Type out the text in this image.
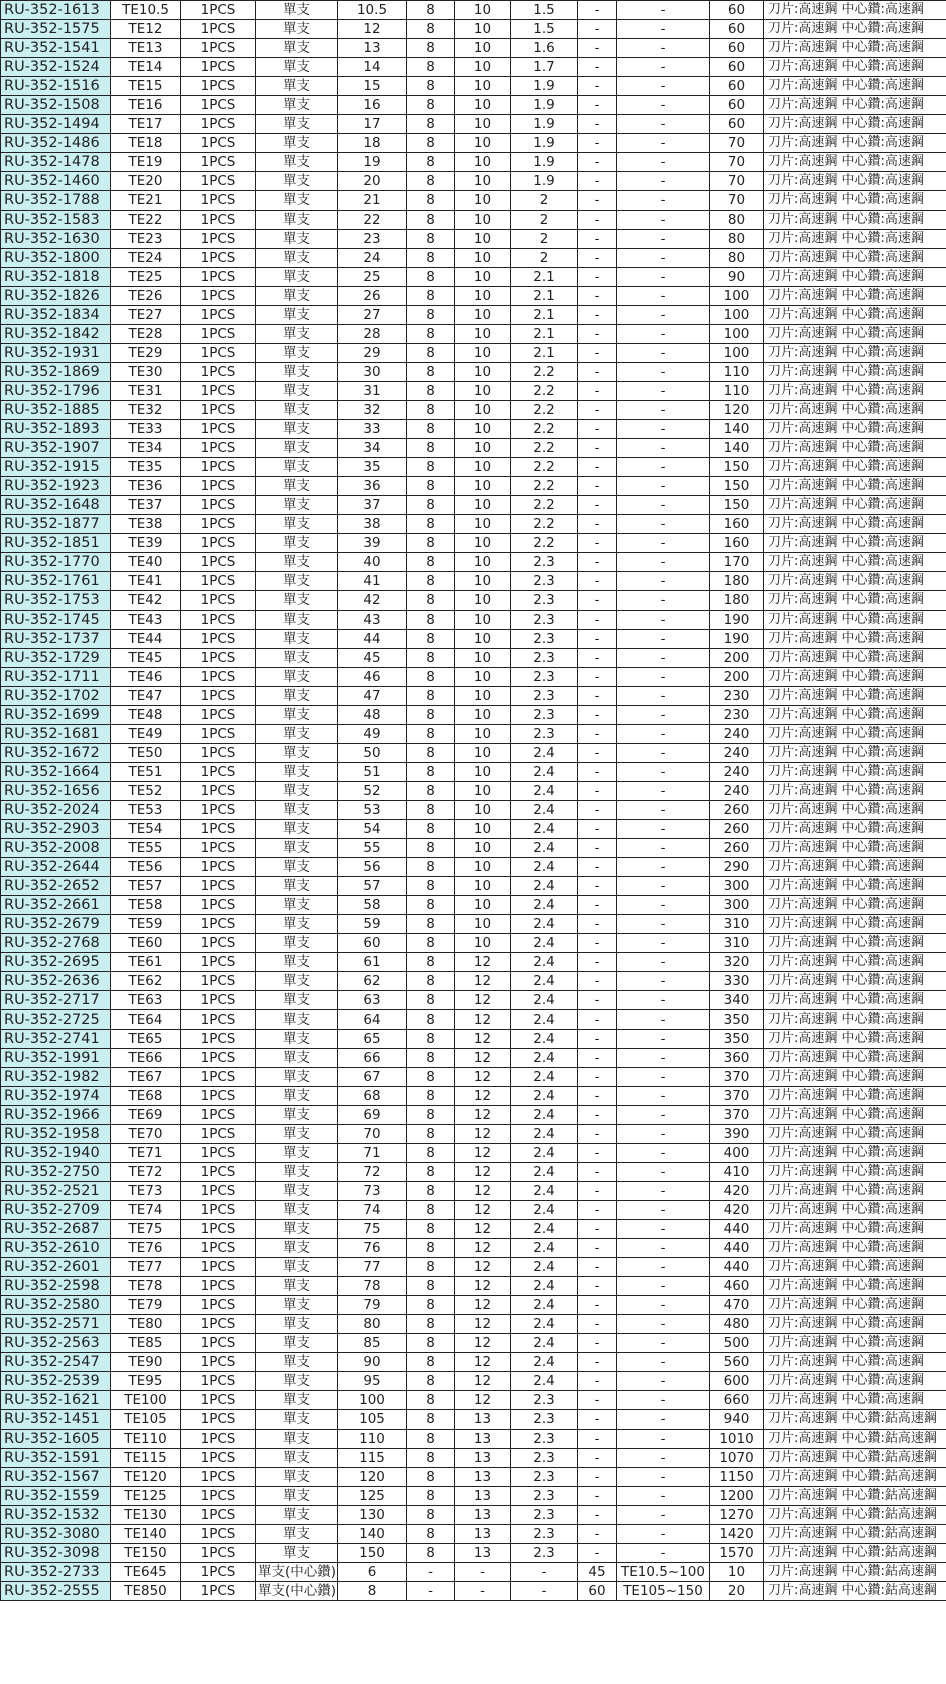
RU-352-1613	TE10.5	1PCS	單支	10.5	8	10	1.5	-	-	60	刀片:高速鋼 中心鑽:高速鋼
RU-352-1575	TE12	1PCS	單支	12	8	10	1.5	-	-	60	刀片:高速鋼 中心鑽:高速鋼
RU-352-1541	TE13	1PCS	單支	13	8	10	1.6	-	-	60	刀片:高速鋼 中心鑽:高速鋼
RU-352-1524	TE14	1PCS	單支	14	8	10	1.7	-	-	60	刀片:高速鋼 中心鑽:高速鋼
RU-352-1516	TE15	1PCS	單支	15	8	10	1.9	-	-	60	刀片:高速鋼 中心鑽:高速鋼
RU-352-1508	TE16	1PCS	單支	16	8	10	1.9	-	-	60	刀片:高速鋼 中心鑽:高速鋼
RU-352-1494	TE17	1PCS	單支	17	8	10	1.9	-	-	60	刀片:高速鋼 中心鑽:高速鋼
RU-352-1486	TE18	1PCS	單支	18	8	10	1.9	-	-	70	刀片:高速鋼 中心鑽:高速鋼
RU-352-1478	TE19	1PCS	單支	19	8	10	1.9	-	-	70	刀片:高速鋼 中心鑽:高速鋼
RU-352-1460	TE20	1PCS	單支	20	8	10	1.9	-	-	70	刀片:高速鋼 中心鑽:高速鋼
RU-352-1788	TE21	1PCS	單支	21	8	10	2	-	-	70	刀片:高速鋼 中心鑽:高速鋼
RU-352-1583	TE22	1PCS	單支	22	8	10	2	-	-	80	刀片:高速鋼 中心鑽:高速鋼
RU-352-1630	TE23	1PCS	單支	23	8	10	2	-	-	80	刀片:高速鋼 中心鑽:高速鋼
RU-352-1800	TE24	1PCS	單支	24	8	10	2	-	-	80	刀片:高速鋼 中心鑽:高速鋼
RU-352-1818	TE25	1PCS	單支	25	8	10	2.1	-	-	90	刀片:高速鋼 中心鑽:高速鋼
RU-352-1826	TE26	1PCS	單支	26	8	10	2.1	-	-	100	刀片:高速鋼 中心鑽:高速鋼
RU-352-1834	TE27	1PCS	單支	27	8	10	2.1	-	-	100	刀片:高速鋼 中心鑽:高速鋼
RU-352-1842	TE28	1PCS	單支	28	8	10	2.1	-	-	100	刀片:高速鋼 中心鑽:高速鋼
RU-352-1931	TE29	1PCS	單支	29	8	10	2.1	-	-	100	刀片:高速鋼 中心鑽:高速鋼
RU-352-1869	TE30	1PCS	單支	30	8	10	2.2	-	-	110	刀片:高速鋼 中心鑽:高速鋼
RU-352-1796	TE31	1PCS	單支	31	8	10	2.2	-	-	110	刀片:高速鋼 中心鑽:高速鋼
RU-352-1885	TE32	1PCS	單支	32	8	10	2.2	-	-	120	刀片:高速鋼 中心鑽:高速鋼
RU-352-1893	TE33	1PCS	單支	33	8	10	2.2	-	-	140	刀片:高速鋼 中心鑽:高速鋼
RU-352-1907	TE34	1PCS	單支	34	8	10	2.2	-	-	140	刀片:高速鋼 中心鑽:高速鋼
RU-352-1915	TE35	1PCS	單支	35	8	10	2.2	-	-	150	刀片:高速鋼 中心鑽:高速鋼
RU-352-1923	TE36	1PCS	單支	36	8	10	2.2	-	-	150	刀片:高速鋼 中心鑽:高速鋼
RU-352-1648	TE37	1PCS	單支	37	8	10	2.2	-	-	150	刀片:高速鋼 中心鑽:高速鋼
RU-352-1877	TE38	1PCS	單支	38	8	10	2.2	-	-	160	刀片:高速鋼 中心鑽:高速鋼
RU-352-1851	TE39	1PCS	單支	39	8	10	2.2	-	-	160	刀片:高速鋼 中心鑽:高速鋼
RU-352-1770	TE40	1PCS	單支	40	8	10	2.3	-	-	170	刀片:高速鋼 中心鑽:高速鋼
RU-352-1761	TE41	1PCS	單支	41	8	10	2.3	-	-	180	刀片:高速鋼 中心鑽:高速鋼
RU-352-1753	TE42	1PCS	單支	42	8	10	2.3	-	-	180	刀片:高速鋼 中心鑽:高速鋼
RU-352-1745	TE43	1PCS	單支	43	8	10	2.3	-	-	190	刀片:高速鋼 中心鑽:高速鋼
RU-352-1737	TE44	1PCS	單支	44	8	10	2.3	-	-	190	刀片:高速鋼 中心鑽:高速鋼
RU-352-1729	TE45	1PCS	單支	45	8	10	2.3	-	-	200	刀片:高速鋼 中心鑽:高速鋼
RU-352-1711	TE46	1PCS	單支	46	8	10	2.3	-	-	200	刀片:高速鋼 中心鑽:高速鋼
RU-352-1702	TE47	1PCS	單支	47	8	10	2.3	-	-	230	刀片:高速鋼 中心鑽:高速鋼
RU-352-1699	TE48	1PCS	單支	48	8	10	2.3	-	-	230	刀片:高速鋼 中心鑽:高速鋼
RU-352-1681	TE49	1PCS	單支	49	8	10	2.3	-	-	240	刀片:高速鋼 中心鑽:高速鋼
RU-352-1672	TE50	1PCS	單支	50	8	10	2.4	-	-	240	刀片:高速鋼 中心鑽:高速鋼
RU-352-1664	TE51	1PCS	單支	51	8	10	2.4	-	-	240	刀片:高速鋼 中心鑽:高速鋼
RU-352-1656	TE52	1PCS	單支	52	8	10	2.4	-	-	240	刀片:高速鋼 中心鑽:高速鋼
RU-352-2024	TE53	1PCS	單支	53	8	10	2.4	-	-	260	刀片:高速鋼 中心鑽:高速鋼
RU-352-2903	TE54	1PCS	單支	54	8	10	2.4	-	-	260	刀片:高速鋼 中心鑽:高速鋼
RU-352-2008	TE55	1PCS	單支	55	8	10	2.4	-	-	260	刀片:高速鋼 中心鑽:高速鋼
RU-352-2644	TE56	1PCS	單支	56	8	10	2.4	-	-	290	刀片:高速鋼 中心鑽:高速鋼
RU-352-2652	TE57	1PCS	單支	57	8	10	2.4	-	-	300	刀片:高速鋼 中心鑽:高速鋼
RU-352-2661	TE58	1PCS	單支	58	8	10	2.4	-	-	300	刀片:高速鋼 中心鑽:高速鋼
RU-352-2679	TE59	1PCS	單支	59	8	10	2.4	-	-	310	刀片:高速鋼 中心鑽:高速鋼
RU-352-2768	TE60	1PCS	單支	60	8	10	2.4	-	-	310	刀片:高速鋼 中心鑽:高速鋼
RU-352-2695	TE61	1PCS	單支	61	8	12	2.4	-	-	320	刀片:高速鋼 中心鑽:高速鋼
RU-352-2636	TE62	1PCS	單支	62	8	12	2.4	-	-	330	刀片:高速鋼 中心鑽:高速鋼
RU-352-2717	TE63	1PCS	單支	63	8	12	2.4	-	-	340	刀片:高速鋼 中心鑽:高速鋼
RU-352-2725	TE64	1PCS	單支	64	8	12	2.4	-	-	350	刀片:高速鋼 中心鑽:高速鋼
RU-352-2741	TE65	1PCS	單支	65	8	12	2.4	-	-	350	刀片:高速鋼 中心鑽:高速鋼
RU-352-1991	TE66	1PCS	單支	66	8	12	2.4	-	-	360	刀片:高速鋼 中心鑽:高速鋼
RU-352-1982	TE67	1PCS	單支	67	8	12	2.4	-	-	370	刀片:高速鋼 中心鑽:高速鋼
RU-352-1974	TE68	1PCS	單支	68	8	12	2.4	-	-	370	刀片:高速鋼 中心鑽:高速鋼
RU-352-1966	TE69	1PCS	單支	69	8	12	2.4	-	-	370	刀片:高速鋼 中心鑽:高速鋼
RU-352-1958	TE70	1PCS	單支	70	8	12	2.4	-	-	390	刀片:高速鋼 中心鑽:高速鋼
RU-352-1940	TE71	1PCS	單支	71	8	12	2.4	-	-	400	刀片:高速鋼 中心鑽:高速鋼
RU-352-2750	TE72	1PCS	單支	72	8	12	2.4	-	-	410	刀片:高速鋼 中心鑽:高速鋼
RU-352-2521	TE73	1PCS	單支	73	8	12	2.4	-	-	420	刀片:高速鋼 中心鑽:高速鋼
RU-352-2709	TE74	1PCS	單支	74	8	12	2.4	-	-	420	刀片:高速鋼 中心鑽:高速鋼
RU-352-2687	TE75	1PCS	單支	75	8	12	2.4	-	-	440	刀片:高速鋼 中心鑽:高速鋼
RU-352-2610	TE76	1PCS	單支	76	8	12	2.4	-	-	440	刀片:高速鋼 中心鑽:高速鋼
RU-352-2601	TE77	1PCS	單支	77	8	12	2.4	-	-	440	刀片:高速鋼 中心鑽:高速鋼
RU-352-2598	TE78	1PCS	單支	78	8	12	2.4	-	-	460	刀片:高速鋼 中心鑽:高速鋼
RU-352-2580	TE79	1PCS	單支	79	8	12	2.4	-	-	470	刀片:高速鋼 中心鑽:高速鋼
RU-352-2571	TE80	1PCS	單支	80	8	12	2.4	-	-	480	刀片:高速鋼 中心鑽:高速鋼
RU-352-2563	TE85	1PCS	單支	85	8	12	2.4	-	-	500	刀片:高速鋼 中心鑽:高速鋼
RU-352-2547	TE90	1PCS	單支	90	8	12	2.4	-	-	560	刀片:高速鋼 中心鑽:高速鋼
RU-352-2539	TE95	1PCS	單支	95	8	12	2.4	-	-	600	刀片:高速鋼 中心鑽:高速鋼
RU-352-1621	TE100	1PCS	單支	100	8	12	2.3	-	-	660	刀片:高速鋼 中心鑽:高速鋼
RU-352-1451	TE105	1PCS	單支	105	8	13	2.3	-	-	940	刀片:高速鋼 中心鑽:鈷高速鋼
RU-352-1605	TE110	1PCS	單支	110	8	13	2.3	-	-	1010	刀片:高速鋼 中心鑽:鈷高速鋼
RU-352-1591	TE115	1PCS	單支	115	8	13	2.3	-	-	1070	刀片:高速鋼 中心鑽:鈷高速鋼
RU-352-1567	TE120	1PCS	單支	120	8	13	2.3	-	-	1150	刀片:高速鋼 中心鑽:鈷高速鋼
RU-352-1559	TE125	1PCS	單支	125	8	13	2.3	-	-	1200	刀片:高速鋼 中心鑽:鈷高速鋼
RU-352-1532	TE130	1PCS	單支	130	8	13	2.3	-	-	1270	刀片:高速鋼 中心鑽:鈷高速鋼
RU-352-3080	TE140	1PCS	單支	140	8	13	2.3	-	-	1420	刀片:高速鋼 中心鑽:鈷高速鋼
RU-352-3098	TE150	1PCS	單支	150	8	13	2.3	-	-	1570	刀片:高速鋼 中心鑽:鈷高速鋼
RU-352-2733	TE645	1PCS	單支(中心鑽)	6	-	-	-	45	TE10.5~100	10	刀片:高速鋼 中心鑽:鈷高速鋼
RU-352-2555	TE850	1PCS	單支(中心鑽)	8	-	-	-	60	TE105~150	20	刀片:高速鋼 中心鑽:鈷高速鋼
